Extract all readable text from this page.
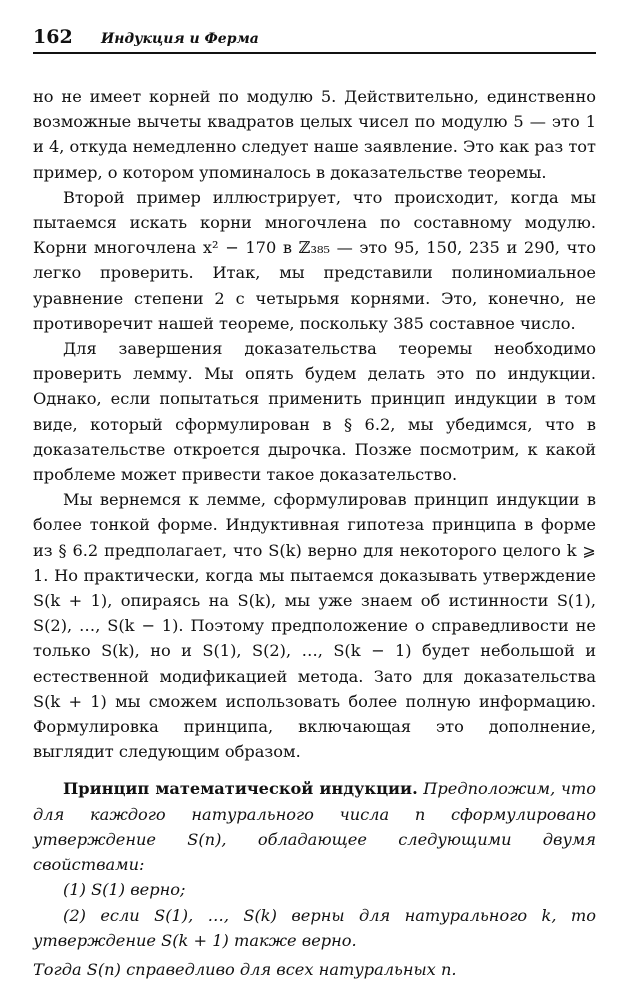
162 Индукция и Ферма

но не имеет корней по модулю 5. Действительно, единственно возможные вычеты квадратов целых чисел по модулю 5 — это 1 и 4, откуда немедленно следует наше заявление. Это как раз тот пример, о котором упоминалось в доказательстве теоремы.

Второй пример иллюстрирует, что происходит, когда мы пытаемся искать корни многочлена по составному модулю. Корни многочлена x² − 170 в ℤ₃₈₅ — это 95̄, 150̄, 235̄ и 290̄, что легко проверить. Итак, мы представили полиномиальное уравнение степени 2 с четырьмя корнями. Это, конечно, не противоречит нашей теореме, поскольку 385 составное число.

Для завершения доказательства теоремы необходимо проверить лемму. Мы опять будем делать это по индукции. Однако, если попытаться применить принцип индукции в том виде, который сформулирован в § 6.2, мы убедимся, что в доказательстве откроется дырочка. Позже посмотрим, к какой проблеме может привести такое доказательство.

Мы вернемся к лемме, сформулировав принцип индукции в более тонкой форме. Индуктивная гипотеза принципа в форме из § 6.2 предполагает, что S(k) верно для некоторого целого k ⩾ 1. Но практически, когда мы пытаемся доказывать утверждение S(k + 1), опираясь на S(k), мы уже знаем об истинности S(1), S(2), …, S(k − 1). Поэтому предположение о справедливости не только S(k), но и S(1), S(2), …, S(k − 1) будет небольшой и естественной модификацией метода. Зато для доказательства S(k + 1) мы сможем использовать более полную информацию. Формулировка принципа, включающая это дополнение, выглядит следующим образом.

Принцип математической индукции. Предположим, что для каждого натурального числа n сформулировано утверждение S(n), обладающее следующими двумя свойствами:

(1) S(1) верно;

(2) если S(1), …, S(k) верны для натурального k, то утверждение S(k + 1) также верно.

Тогда S(n) справедливо для всех натуральных n.
